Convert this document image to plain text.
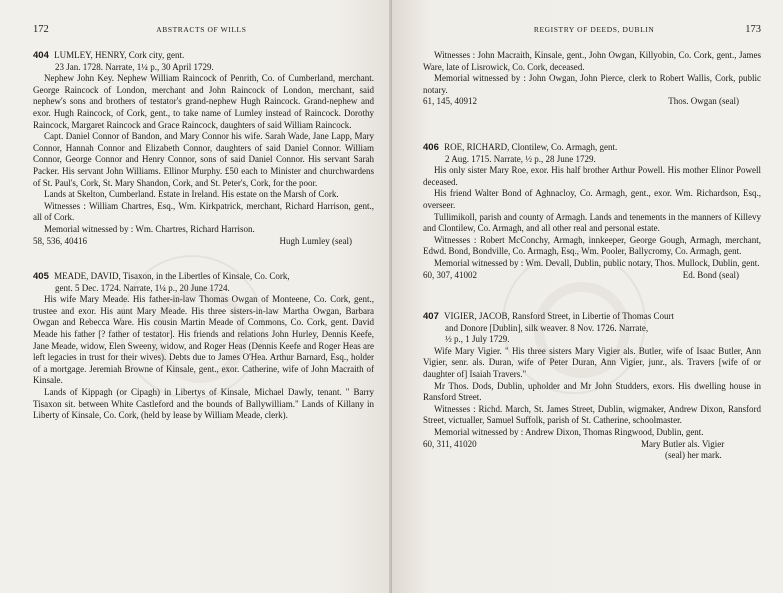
172	ABSTRACTS OF WILLS

404 LUMLEY, HENRY, Cork city, gent.

23 Jan. 1728. Narrate, 1¼ p., 30 April 1729.

Nephew John Key. Nephew William Raincock of Penrith, Co. of Cumberland, merchant. George Raincock of London, merchant and John Raincock of London, merchant, said nephew's sons and brothers of testator's grand-nephew Hugh Raincock. Grand-nephew and exor. Hugh Raincock, of Cork, gent., to take name of Lumley instead of Raincock. Dorothy Raincock, Margaret Raincock and Grace Raincock, daughters of said William Raincock.

Capt. Daniel Connor of Bandon, and Mary Connor his wife. Sarah Wade, Jane Lapp, Mary Connor, Hannah Connor and Elizabeth Connor, daughters of said Daniel Connor. William Connor, George Connor and Henry Connor, sons of said Daniel Connor. His servant Sarah Packer. His servant John Williams. Ellinor Murphy. £50 each to Minister and churchwardens of St. Paul's, Cork, St. Mary Shandon, Cork, and St. Peter's, Cork, for the poor.

Lands at Skelton, Cumberland. Estate in Ireland. His estate on the Marsh of Cork.

Witnesses : William Chartres, Esq., Wm. Kirkpatrick, merchant, Richard Harrison, gent., all of Cork.

Memorial witnessed by : Wm. Chartres, Richard Harrison.

58, 536, 40416	Hugh Lumley (seal)

405 MEADE, DAVID, Tisaxon, in the Libertles of Kinsale, Co. Cork,

gent. 5 Dec. 1724. Narrate, 1¼ p., 20 June 1724.

His wife Mary Meade. His father-in-law Thomas Owgan of Monteene, Co. Cork, gent., trustee and exor. His aunt Mary Meade. His three sisters-in-law Martha Owgan, Barbara Owgan and Rebecca Ware. His cousin Martin Meade of Commons, Co. Cork, gent. David Meade his father [? father of testator]. His friends and relations John Hurley, Dennis Keefe, Jane Meade, widow, Elen Sweeny, widow, and Roger Heas (Dennis Keefe and Roger Heas are left legacies in trust for their wives). Debts due to James O'Hea. Arthur Barnard, Esq., holder of a mortgage. Jeremiah Browne of Kinsale, gent., exor. Catherine, wife of John Macraith of Kinsale.

Lands of Kippagh (or Cipagh) in Libertys of Kinsale, Michael Dawly, tenant. " Barry Tisaxon sit. between White Castleford and the bounds of Ballywilliam." Lands of Killany in Liberty of Kinsale, Co. Cork, (held by lease by William Meade, clerk).

REGISTRY OF DEEDS, DUBLIN	173

Witnesses : John Macraith, Kinsale, gent., John Owgan, Killyobin, Co. Cork, gent., James Ware, late of Lisrowick, Co. Cork, deceased.

Memorial witnessed by : John Owgan, John Pierce, clerk to Robert Wallis, Cork, public notary.

61, 145, 40912	Thos. Owgan (seal)

406 ROE, RICHARD, Clontilew, Co. Armagh, gent.

2 Aug. 1715. Narrate, ½ p., 28 June 1729.

His only sister Mary Roe, exor. His half brother Arthur Powell. His mother Elinor Powell deceased.

His friend Walter Bond of Aghnacloy, Co. Armagh, gent., exor. Wm. Richardson, Esq., overseer.

Tullimikoll, parish and county of Armagh. Lands and tenements in the manners of Killevy and Clontilew, Co. Armagh, and all other real and personal estate.

Witnesses : Robert McConchy, Armagh, innkeeper, George Gough, Armagh, merchant, Edwd. Bond, Bondville, Co. Armagh, Esq., Wm. Pooler, Ballycromy, Co. Armagh, gent.

Memorial witnessed by : Wm. Devall, Dublin, public notary, Thos. Mullock, Dublin, gent.

60, 307, 41002	Ed. Bond (seal)

407 VIGIER, JACOB, Ransford Street, in Libertie of Thomas Court

and Donore [Dublin], silk weaver. 8 Nov. 1726. Narrate,

½ p., 1 July 1729.

Wife Mary Vigier. " His three sisters Mary Vigier als. Butler, wife of Isaac Butler, Ann Vigier, senr. als. Duran, wife of Peter Duran, Ann Vigier, junr., als. Travers [wife of or daughter of] Isaiah Travers."

Mr Thos. Dods, Dublin, upholder and Mr John Studders, exors. His dwelling house in Ransford Street.

Witnesses : Richd. March, St. James Street, Dublin, wigmaker, Andrew Dixon, Ransford Street, victualler, Samuel Suffolk, parish of St. Catherine, schoolmaster.

Memorial witnessed by : Andrew Dixon, Thomas Ringwood, Dublin, gent.

60, 311, 41020	Mary Butler als. Vigier
(seal) her mark.
